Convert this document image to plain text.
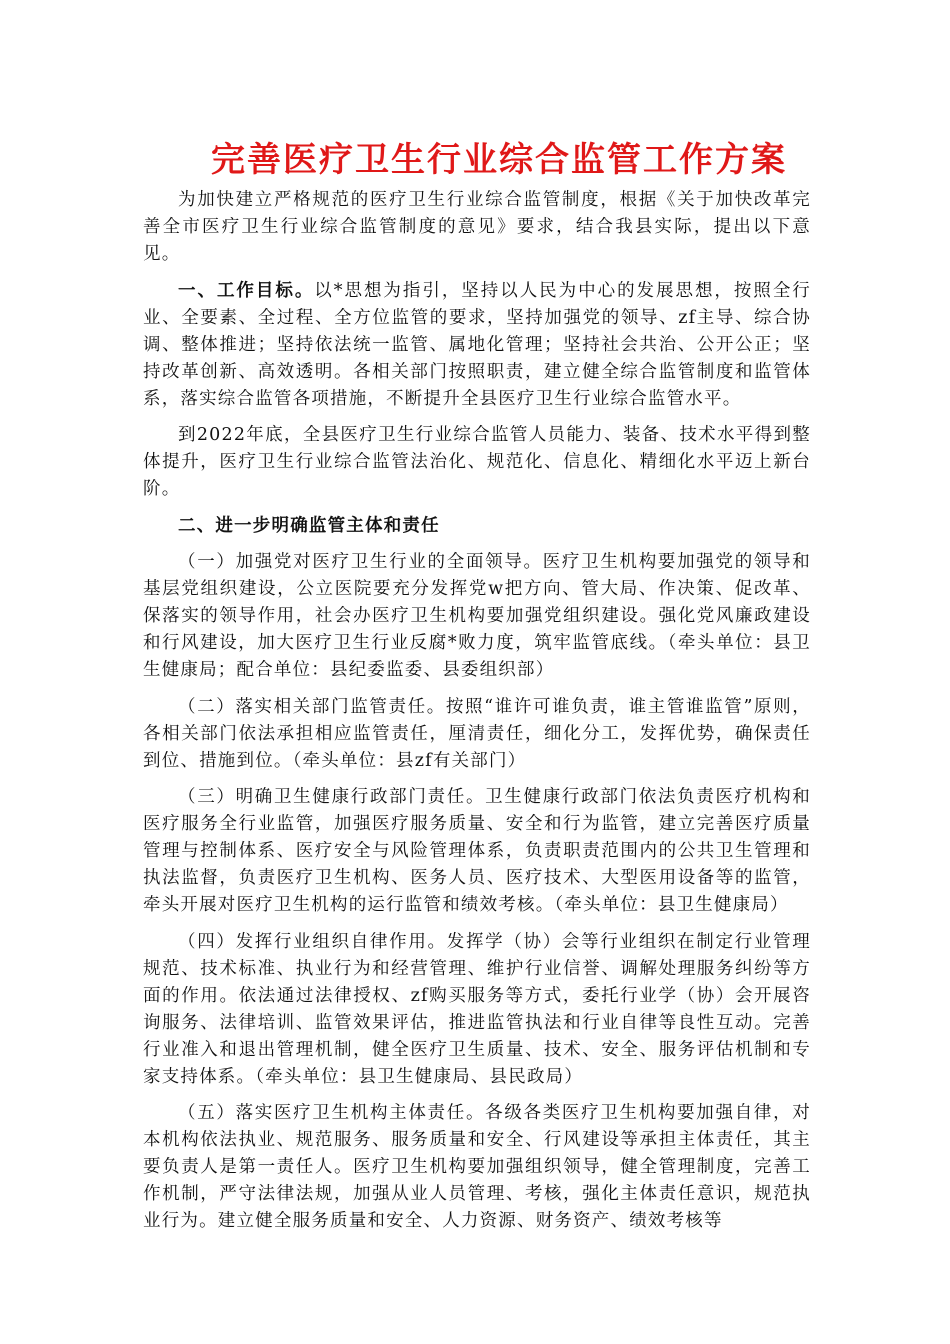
完善医疗卫生行业综合监管工作方案

为加快建立严格规范的医疗卫生行业综合监管制度，根据《关于加快改革完善全市医疗卫生行业综合监管制度的意见》要求，结合我县实际，提出以下意见。

一、工作目标。以*思想为指引，坚持以人民为中心的发展思想，按照全行业、全要素、全过程、全方位监管的要求，坚持加强党的领导、zf主导、综合协调、整体推进；坚持依法统一监管、属地化管理；坚持社会共治、公开公正；坚持改革创新、高效透明。各相关部门按照职责，建立健全综合监管制度和监管体系，落实综合监管各项措施，不断提升全县医疗卫生行业综合监管水平。

到2022年底，全县医疗卫生行业综合监管人员能力、装备、技术水平得到整体提升，医疗卫生行业综合监管法治化、规范化、信息化、精细化水平迈上新台阶。

二、进一步明确监管主体和责任

（一）加强党对医疗卫生行业的全面领导。医疗卫生机构要加强党的领导和基层党组织建设，公立医院要充分发挥党w把方向、管大局、作决策、促改革、保落实的领导作用，社会办医疗卫生机构要加强党组织建设。强化党风廉政建设和行风建设，加大医疗卫生行业反腐*败力度，筑牢监管底线。（牵头单位：县卫生健康局；配合单位：县纪委监委、县委组织部）

（二）落实相关部门监管责任。按照“谁许可谁负责，谁主管谁监管”原则，各相关部门依法承担相应监管责任，厘清责任，细化分工，发挥优势，确保责任到位、措施到位。（牵头单位：县zf有关部门）

（三）明确卫生健康行政部门责任。卫生健康行政部门依法负责医疗机构和医疗服务全行业监管，加强医疗服务质量、安全和行为监管，建立完善医疗质量管理与控制体系、医疗安全与风险管理体系，负责职责范围内的公共卫生管理和执法监督，负责医疗卫生机构、医务人员、医疗技术、大型医用设备等的监管，牵头开展对医疗卫生机构的运行监管和绩效考核。（牵头单位：县卫生健康局）

（四）发挥行业组织自律作用。发挥学（协）会等行业组织在制定行业管理规范、技术标准、执业行为和经营管理、维护行业信誉、调解处理服务纠纷等方面的作用。依法通过法律授权、zf购买服务等方式，委托行业学（协）会开展咨询服务、法律培训、监管效果评估，推进监管执法和行业自律等良性互动。完善行业准入和退出管理机制，健全医疗卫生质量、技术、安全、服务评估机制和专家支持体系。（牵头单位：县卫生健康局、县民政局）

（五）落实医疗卫生机构主体责任。各级各类医疗卫生机构要加强自律，对本机构依法执业、规范服务、服务质量和安全、行风建设等承担主体责任，其主要负责人是第一责任人。医疗卫生机构要加强组织领导，健全管理制度，完善工作机制，严守法律法规，加强从业人员管理、考核，强化主体责任意识，规范执业行为。建立健全服务质量和安全、人力资源、财务资产、绩效考核等
